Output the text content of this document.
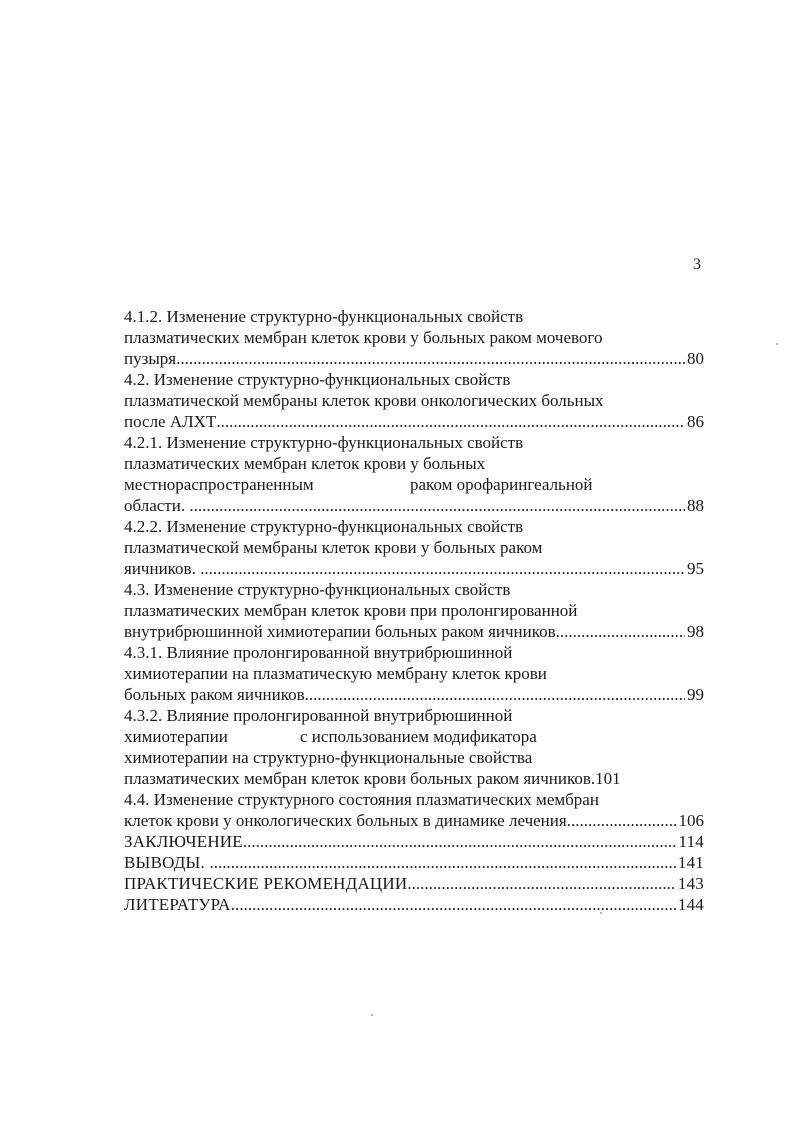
3
4.1.2. Изменение структурно-функциональных свойств
плазматических мембран клеток крови у больных раком мочевого
пузыря .....	80
4.2. Изменение структурно-функциональных свойств
плазматической мембраны клеток крови онкологических больных
после АЛХТ .....	86
4.2.1. Изменение структурно-функциональных свойств
плазматических мембран клеток крови у больных
местнораспространенным	раком орофарингеальной
области. .....	88
4.2.2. Изменение структурно-функциональных свойств
плазматической мембраны клеток крови у больных раком
яичников. .....	95
4.3. Изменение структурно-функциональных свойств
плазматических мембран клеток крови при пролонгированной
внутрибрюшинной химиотерапии больных раком яичников .....	98
4.3.1. Влияние пролонгированной внутрибрюшинной
химиотерапии на плазматическую мембрану клеток крови
больных раком яичников .....	99
4.3.2. Влияние пролонгированной внутрибрюшинной
химиотерапии	с использованием модификатора
химиотерапии на структурно-функциональные свойства
плазматических мембран клеток крови больных раком яичников.101
4.4. Изменение структурного состояния плазматических мембран
клеток крови у онкологических больных в динамике лечения. .....	106
ЗАКЛЮЧЕНИЕ .....	114
ВЫВОДЫ. .....	141
ПРАКТИЧЕСКИЕ РЕКОМЕНДАЦИИ .....	143
ЛИТЕРАТУРА. .....	144
